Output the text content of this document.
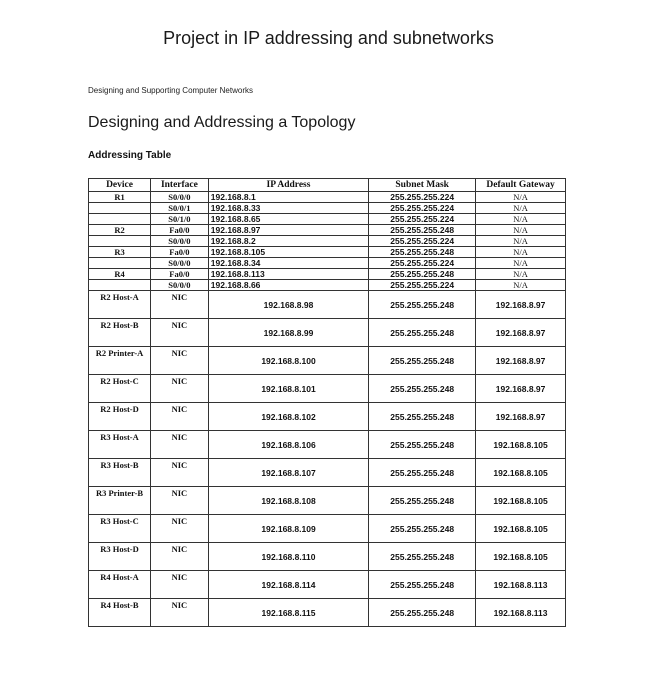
Project in IP addressing and subnetworks
Designing and Supporting Computer Networks
Designing and Addressing a Topology
Addressing Table
Device	Interface	IP Address	Subnet Mask	Default Gateway
R1	S0/0/0	192.168.8.1	255.255.255.224	N/A
	S0/0/1	192.168.8.33	255.255.255.224	N/A
	S0/1/0	192.168.8.65	255.255.255.224	N/A
R2	Fa0/0	192.168.8.97	255.255.255.248	N/A
	S0/0/0	192.168.8.2	255.255.255.224	N/A
R3	Fa0/0	192.168.8.105	255.255.255.248	N/A
	S0/0/0	192.168.8.34	255.255.255.224	N/A
R4	Fa0/0	192.168.8.113	255.255.255.248	N/A
	S0/0/0	192.168.8.66	255.255.255.224	N/A
R2 Host-A	NIC	192.168.8.98	255.255.255.248	192.168.8.97
R2 Host-B	NIC	192.168.8.99	255.255.255.248	192.168.8.97
R2 Printer-A	NIC	192.168.8.100	255.255.255.248	192.168.8.97
R2 Host-C	NIC	192.168.8.101	255.255.255.248	192.168.8.97
R2 Host-D	NIC	192.168.8.102	255.255.255.248	192.168.8.97
R3 Host-A	NIC	192.168.8.106	255.255.255.248	192.168.8.105
R3 Host-B	NIC	192.168.8.107	255.255.255.248	192.168.8.105
R3 Printer-B	NIC	192.168.8.108	255.255.255.248	192.168.8.105
R3 Host-C	NIC	192.168.8.109	255.255.255.248	192.168.8.105
R3 Host-D	NIC	192.168.8.110	255.255.255.248	192.168.8.105
R4 Host-A	NIC	192.168.8.114	255.255.255.248	192.168.8.113
R4 Host-B	NIC	192.168.8.115	255.255.255.248	192.168.8.113
